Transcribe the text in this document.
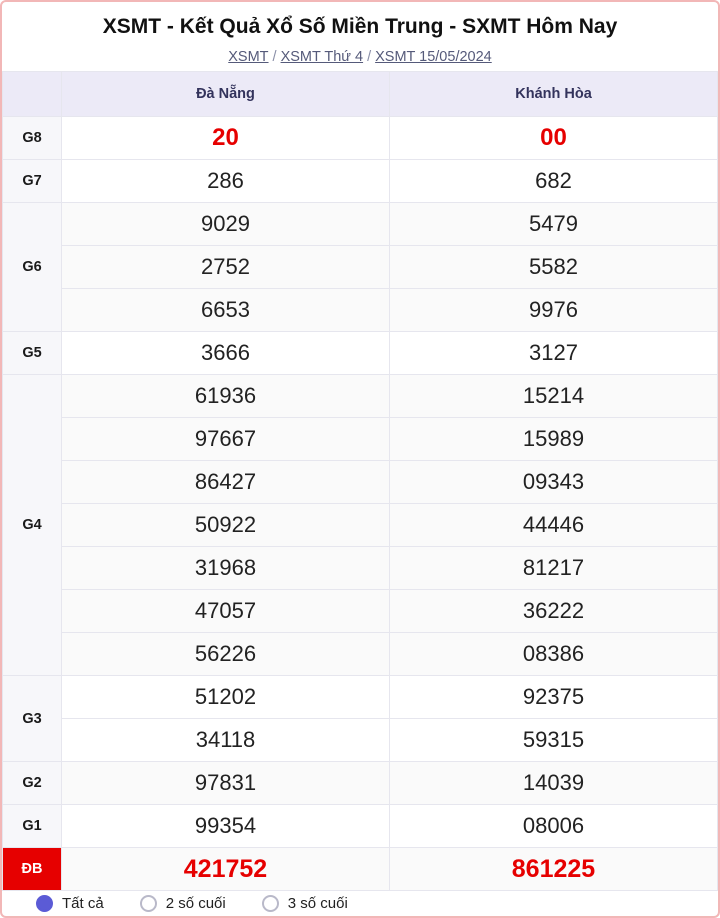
XSMT - Kết Quả Xổ Số Miền Trung - SXMT Hôm Nay
XSMT / XSMT Thứ 4 / XSMT 15/05/2024
	Đà Nẵng	Khánh Hòa
G8	20	00
G7	286	682
G6	9029	5479
	2752	5582
	6653	9976
G5	3666	3127
G4	61936	15214
	97667	15989
	86427	09343
	50922	44446
	31968	81217
	47057	36222
	56226	08386
G3	51202	92375
	34118	59315
G2	97831	14039
G1	99354	08006
ĐB	421752	861225
Tất cả	2 số cuối	3 số cuối
